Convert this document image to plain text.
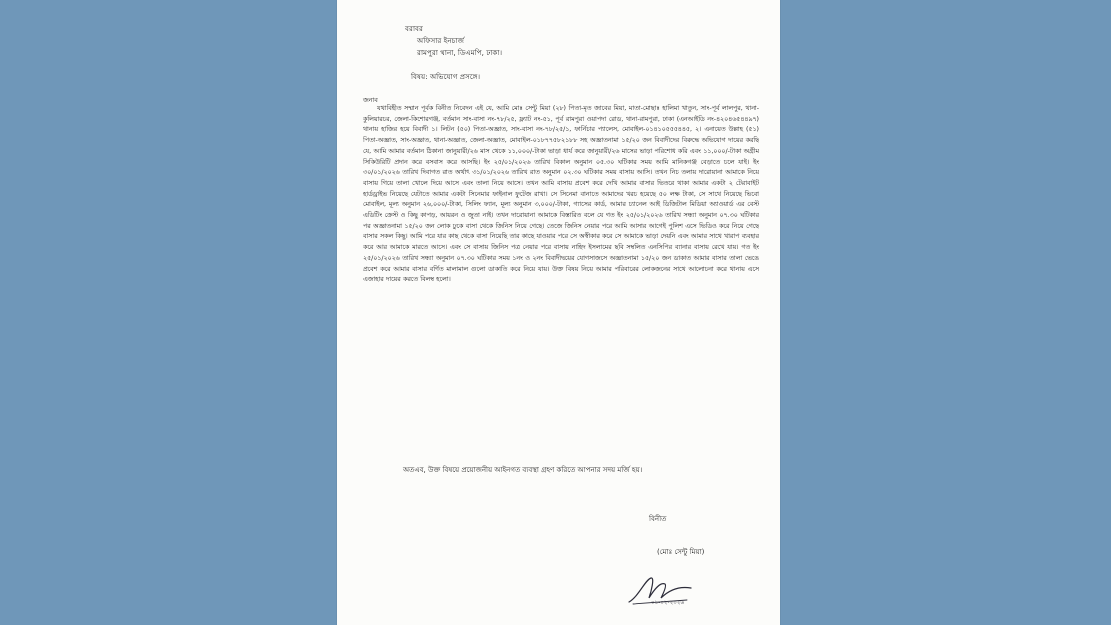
বরাবর
অফিসার ইনচার্জ
রামপুরা থানা, ডিএমপি, ঢাকা।
বিষয়: অভিযোগ প্রসঙ্গে।
জনাব
যথাবিহীত সম্মান পূর্বক বিনীত নিবেদন এই যে, আমি মোঃ সেন্টু মিয়া (২৮) পিতা-মৃত জাবের মিয়া, মাতা-মোছাঃ হালিমা খাতুন, সাং-পূর্ব লালপুর, থানা-কুলিয়ারচর, জেলা-কিশোরগঞ্জ, বর্তমান সাং-বাসা নং-৭৮/২৫, ফ্ল্যাট নং-৫১, পূর্ব রামপুরা ওয়াপদা রোড, থানা-রামপুরা, ঢাকা (এনআইডি নং-৪২০৪৬৫৪৪৯৭) থানায় হাজির হয়ে বিবাদী ১। লিটন (৫০) পিতা-অজ্ঞাত, সাং-বাসা নং-৭৮/২৫/১, ফার্নিচার প্যালেস, মোবাইল-০১৪১০৫৫৫৪৪৫, ২। এনায়েত উল্লাহ (৫১) পিতা-অজ্ঞাত, সাং-অজ্ঞাত, থানা-অজ্ঞাত, জেলা-অজ্ঞাত, মোবাইল-০১৮৭৭৫৮২১৮৮ সহ অজ্ঞাতনামা ১৫/২০ জন বিবাদীদের বিরুদ্ধে অভিযোগ দায়ের করছি যে, আমি আমার বর্তমান ঠিকানা জানুয়ারী/২৬ মাস থেকে ১১,০০০/-টাকা ভাড়া ধার্য করে জানুয়ারী/২৬ মাসের ভাড়া পরিশোধ করি এবং ১১,০০০/-টাকা অগ্রীম সিকিউরিটি প্রদান করে বসবাস করে আসছি। ইং ২৫/০১/২০২৬ তারিখ বিকাল অনুমান ০৫.৩০ ঘটিকার সময় আমি মানিকগঞ্জ বেড়াতে চলে যাই। ইং ৩০/০১/২০২৬ তারিখ দিবাগত রাত অর্থাৎ ৩১/০১/২০২৬ তারিখ রাত অনুমান ০২.৩০ ঘটিকার সময় বাসায় আসি। তখন নিচ তলায় দারোয়ানা আমাকে নিয়ে বাসায় গিয়ে তালা খোলে দিয়ে আসে এবং তালা নিয়ে আসে। তখন আমি বাসায় প্রবেশ করে দেখি আমার বাসার ভিতরে থাকা আমার একটা ২ টেরাবাইট হার্ডড্রাইভ নিয়েছে যেটাতে আমার একটা সিনেমার ফাইনাল ফুটেজ রাখা। সে সিনেমা বানাতে আমাদের খরচ হয়েছে ৫০ লক্ষ টাকা, সে সাথে নিয়েছে ভিবো মোবাইল, মূল্য অনুমান ২৬,০০০/-টাকা, সিলিং ফ্যান, মূল্য অনুমান ৩,০০০/-টাকা, গ্যাসের কার্ড, আমার চ্যানেল আই ডিজিটাল মিডিয়া অ্যাওয়ার্ড এর বেস্ট এডিটিং ক্রেস্ট ও কিছু কাপড়, আয়রন ও জুতা নাই। তখন দারোয়ানা আমাকে বিস্তারিত বলে যে গত ইং ২৫/০১/২০২৬ তারিখ সন্ধ্যা অনুমান ০৭.৩০ ঘটিকার পর অজ্ঞাতনামা ১৫/২০ জন লোক ঢুকে বাসা থেকে জিনিস নিয়ে গেছে। তেজে জিনিস নেয়ার পরে আমি আসার আগেই পুলিশ এসে ভিডিও করে নিয়ে গেছে বাসার সকল কিছু। আমি পরে যার কাছ থেকে বাসা নিয়েছি তার কাছে যাওয়ার পরে সে অস্বীকার করে সে আমাকে ভাড়া দেয়নি এবং আমার সাথে খারাপ ব্যবহার করে আর আমাকে মারতে আসে। এবং সে বাসায় জিনিস পত্র নেয়ার পরে বাসায় নাহিদ ইসলামের ছবি সম্বলিত এনসিপির ব্যানার বাসায় রেখে যায়। গত ইং ২৫/০১/২০২৬ তারিখ সন্ধ্যা অনুমান ০৭.৩০ ঘটিকার সময় ১নং ও ২নং বিবাদীদ্বয়ের যোগসাজসে অজ্ঞাতনামা ১৫/২০ জন ডাকাত আমার বাসার তালা ভেঙে প্রবেশ করে আমার বাসার বর্ণিত মালামাল গুলো ডাকাতি করে নিয়ে যায়। উক্ত বিষয় নিয়ে আমার পরিবারের লোকজনের সাথে আলোচনা করে থানায় এসে এজাহার দায়ের করতে বিলম্ব হলো।
অতএব, উক্ত বিষয়ে প্রয়োজনীয় আইনগত ব্যবস্থা গ্রহণ করিতে আপনার সদয় মর্জি হয়।
বিনীত
(মোঃ সেন্টু মিয়া)
০১-০২-২০২৬
